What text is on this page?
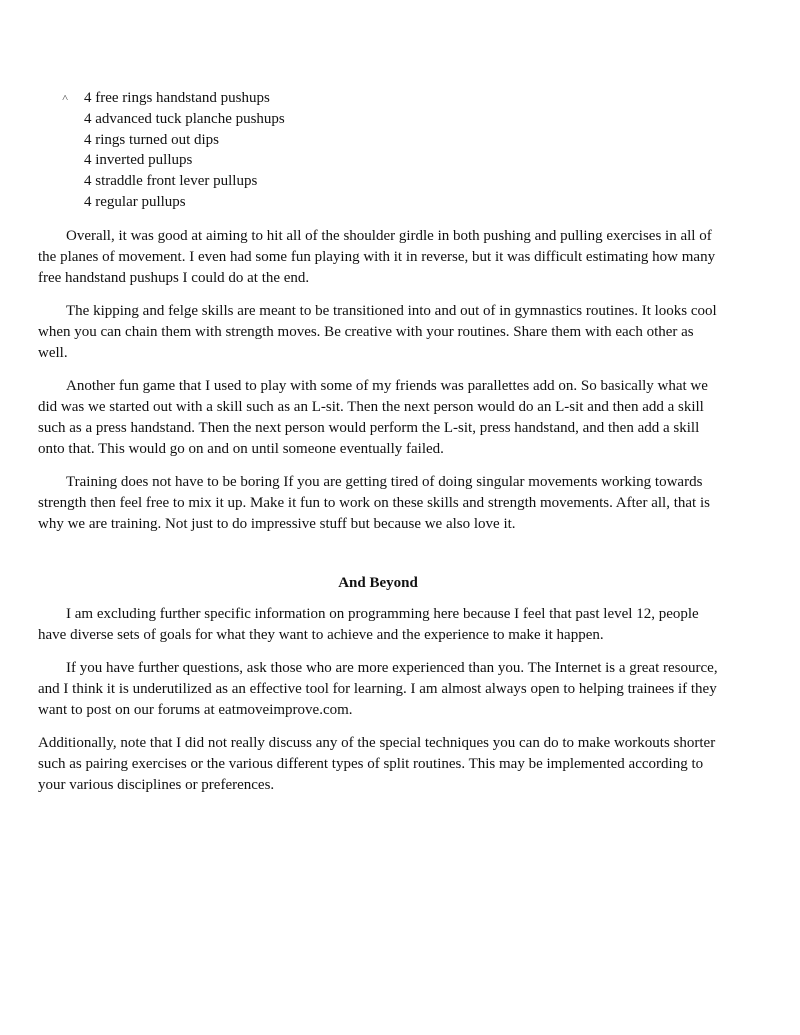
˄	4 free rings handstand pushups
4 advanced tuck planche pushups
4 rings turned out dips
4 inverted pullups
4 straddle front lever pullups
4 regular pullups

Overall, it was good at aiming to hit all of the shoulder girdle in both pushing and pulling exercises in all of the planes of movement. I even had some fun playing with it in reverse, but it was difficult estimating how many free handstand pushups I could do at the end.

The kipping and felge skills are meant to be transitioned into and out of in gymnastics routines. It looks cool when you can chain them with strength moves. Be creative with your routines. Share them with each other as well.

Another fun game that I used to play with some of my friends was parallettes add on. So basically what we did was we started out with a skill such as an L-sit. Then the next person would do an L-sit and then add a skill such as a press handstand. Then the next person would perform the L-sit, press handstand, and then add a skill onto that. This would go on and on until someone eventually failed.

Training does not have to be boring If you are getting tired of doing singular movements working towards strength then feel free to mix it up. Make it fun to work on these skills and strength movements. After all, that is why we are training. Not just to do impressive stuff but because we also love it.

And Beyond

I am excluding further specific information on programming here because I feel that past level 12, people have diverse sets of goals for what they want to achieve and the experience to make it happen.

If you have further questions, ask those who are more experienced than you. The Internet is a great resource, and I think it is underutilized as an effective tool for learning. I am almost always open to helping trainees if they want to post on our forums at eatmoveimprove.com.

Additionally, note that I did not really discuss any of the special techniques you can do to make workouts shorter such as pairing exercises or the various different types of split routines. This may be implemented according to your various disciplines or preferences.
